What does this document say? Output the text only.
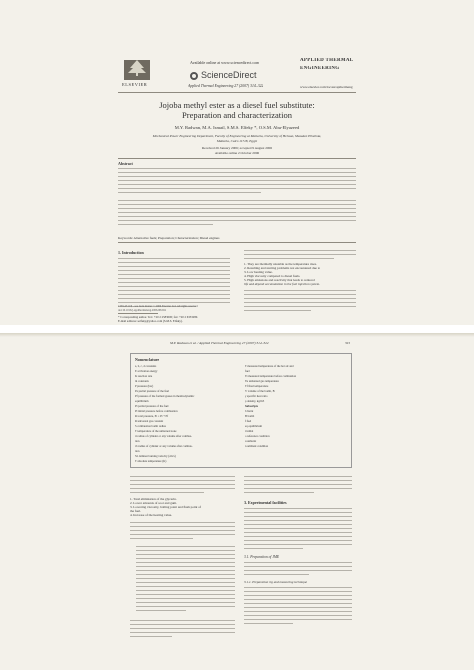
ELSEVIER
Available online at www.sciencedirect.com
ScienceDirect
Applied Thermal Engineering 27 (2007) 314–322
APPLIED THERMAL
ENGINEERING
www.elsevier.com/locate/apthermeng
Jojoba methyl ester as a diesel fuel substitute:
Preparation and characterization
M.Y. Radwan, M.A. Ismail, S.M.S. Elfeky *, O.S.M. Abu-Elyazeed
Mechanical Power Engineering Department, Faculty of Engineering at Mattaria, University of Helwan, Masaken Elhelmia,
Mattaria, Cairo 11718, Egypt
Received 26 January 2006; accepted 9 August 2006
Available online 2 October 2006
Abstract
Keywords: Alternative fuels; Preparation; Characterization; Diesel engines
1. Introduction
* Corresponding author. Tel.: +20 2 2583000; fax: +20 2 6333280.
E-mail address: selfeky@yahoo.com (S.M.S. Elfeky).
1. They are thermally unstable as the temperature rises.
2. Resulting and starting problems not encountered due to
3. Low heating value.
4. High viscosity compared to diesel fuels.
5. High emissions and reactivity that leads to reduced
life and deposit accumulation in the fuel injection system.
M.Y. Radwan et al. / Applied Thermal Engineering 27 (2007) 314–322	315
Nomenclature
a, b, c, d constants
E activation energy
K reaction rate
m constants
P pressure (bar)
Pa partial pressure of the fuel
Pf pressure of the formed gasses in thermodynamic
equilibrium
Pi partial pressure of the fuel
Pt initial pressure before combustion
R total pressure, Pt = Pi + Pf
R universal gas constant
S combustion bomb radius
T temperature of the unburned zone
ri radius of cylinder or any volume after combus-
tion
rb radius of cylinder or any volume after combus-
tion
SL laminar burning velocity (cm/s)
T absolute temperature (K)
T measured temperature of the hot air and
fuel
Ti measured temperature before combustion
Tu unburned gas temperature
Tf final temperature
V volume of the bomb, B
γ specific heat ratio
ρ density, kg/m3
Subscripts
b burnt
B bomb
f fuel
eq equilibrium
i initial
o reference condition
u unburnt
n ambient condition
1. Total elimination of the glycerin.
2. Lower amounts of soot and gum.
3. Lowering viscosity, boiling point and flash point of
the fuel.
4. Increase of the heating value.
3. Experimental facilities
3.1. Preparation of JME
3.1.1. Preparation rig and measuring technique
1359-4311/$ - see front matter © 2006 Elsevier Ltd. All rights reserved.
doi:10.1016/j.applthermaleng.2006.08.004
